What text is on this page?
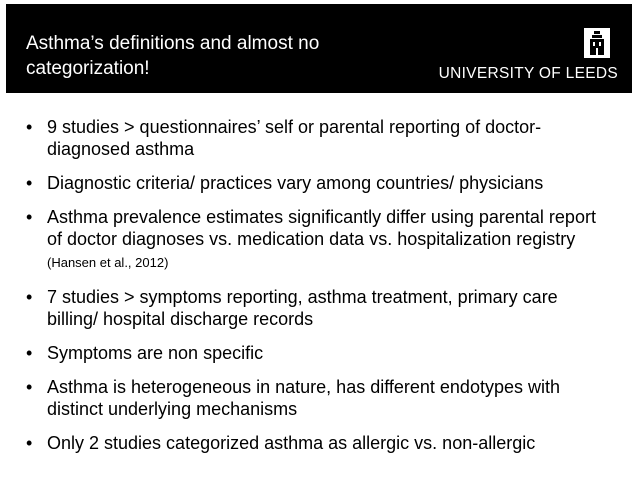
Asthma’s definitions and almost no categorization!	UNIVERSITY OF LEEDS
• 9 studies > questionnaires’ self or parental reporting of doctor-diagnosed asthma
• Diagnostic criteria/ practices vary among countries/ physicians
• Asthma prevalence estimates significantly differ using parental report of doctor diagnoses vs. medication data vs. hospitalization registry (Hansen et al., 2012)
• 7 studies > symptoms reporting, asthma treatment, primary care billing/ hospital discharge records
• Symptoms are non specific
• Asthma is heterogeneous in nature, has different endotypes with distinct underlying mechanisms
• Only 2 studies categorized asthma as allergic vs. non-allergic
